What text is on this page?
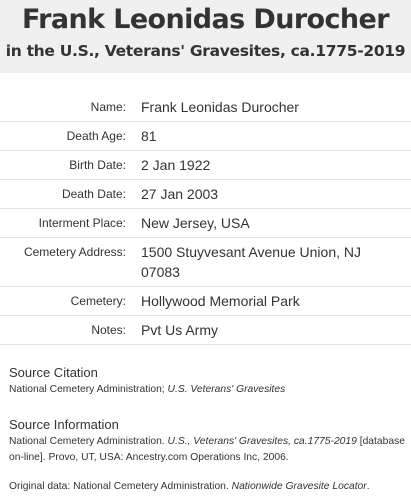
Frank Leonidas Durocher
in the U.S., Veterans' Gravesites, ca.1775-2019
Name: Frank Leonidas Durocher
Death Age: 81
Birth Date: 2 Jan 1922
Death Date: 27 Jan 2003
Interment Place: New Jersey, USA
Cemetery Address: 1500 Stuyvesant Avenue Union, NJ 07083
Cemetery: Hollywood Memorial Park
Notes: Pvt Us Army
Source Citation
National Cemetery Administration; U.S. Veterans' Gravesites
Source Information
National Cemetery Administration. U.S., Veterans' Gravesites, ca.1775-2019 [database on-line]. Provo, UT, USA: Ancestry.com Operations Inc, 2006.
Original data: National Cemetery Administration. Nationwide Gravesite Locator.
